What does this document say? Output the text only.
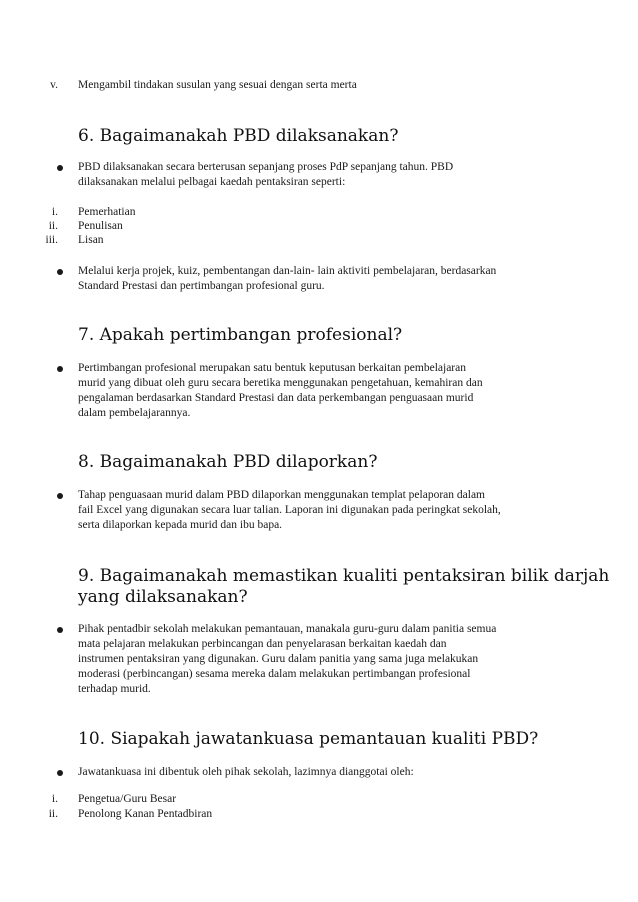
v. Mengambil tindakan susulan yang sesuai dengan serta merta
6. Bagaimanakah PBD dilaksanakan?
PBD dilaksanakan secara berterusan sepanjang proses PdP sepanjang tahun. PBD
dilaksanakan melalui pelbagai kaedah pentaksiran seperti:
i. Pemerhatian
ii. Penulisan
iii. Lisan
Melalui kerja projek, kuiz, pembentangan dan-lain- lain aktiviti pembelajaran, berdasarkan
Standard Prestasi dan pertimbangan profesional guru.
7. Apakah pertimbangan profesional?
Pertimbangan profesional merupakan satu bentuk keputusan berkaitan pembelajaran
murid yang dibuat oleh guru secara beretika menggunakan pengetahuan, kemahiran dan
pengalaman berdasarkan Standard Prestasi dan data perkembangan penguasaan murid
dalam pembelajarannya.
8. Bagaimanakah PBD dilaporkan?
Tahap penguasaan murid dalam PBD dilaporkan menggunakan templat pelaporan dalam
fail Excel yang digunakan secara luar talian. Laporan ini digunakan pada peringkat sekolah,
serta dilaporkan kepada murid dan ibu bapa.
9. Bagaimanakah memastikan kualiti pentaksiran bilik darjah
yang dilaksanakan?
Pihak pentadbir sekolah melakukan pemantauan, manakala guru-guru dalam panitia semua
mata pelajaran melakukan perbincangan dan penyelarasan berkaitan kaedah dan
instrumen pentaksiran yang digunakan. Guru dalam panitia yang sama juga melakukan
moderasi (perbincangan) sesama mereka dalam melakukan pertimbangan profesional
terhadap murid.
10. Siapakah jawatankuasa pemantauan kualiti PBD?
Jawatankuasa ini dibentuk oleh pihak sekolah, lazimnya dianggotai oleh:
i. Pengetua/Guru Besar
ii. Penolong Kanan Pentadbiran
